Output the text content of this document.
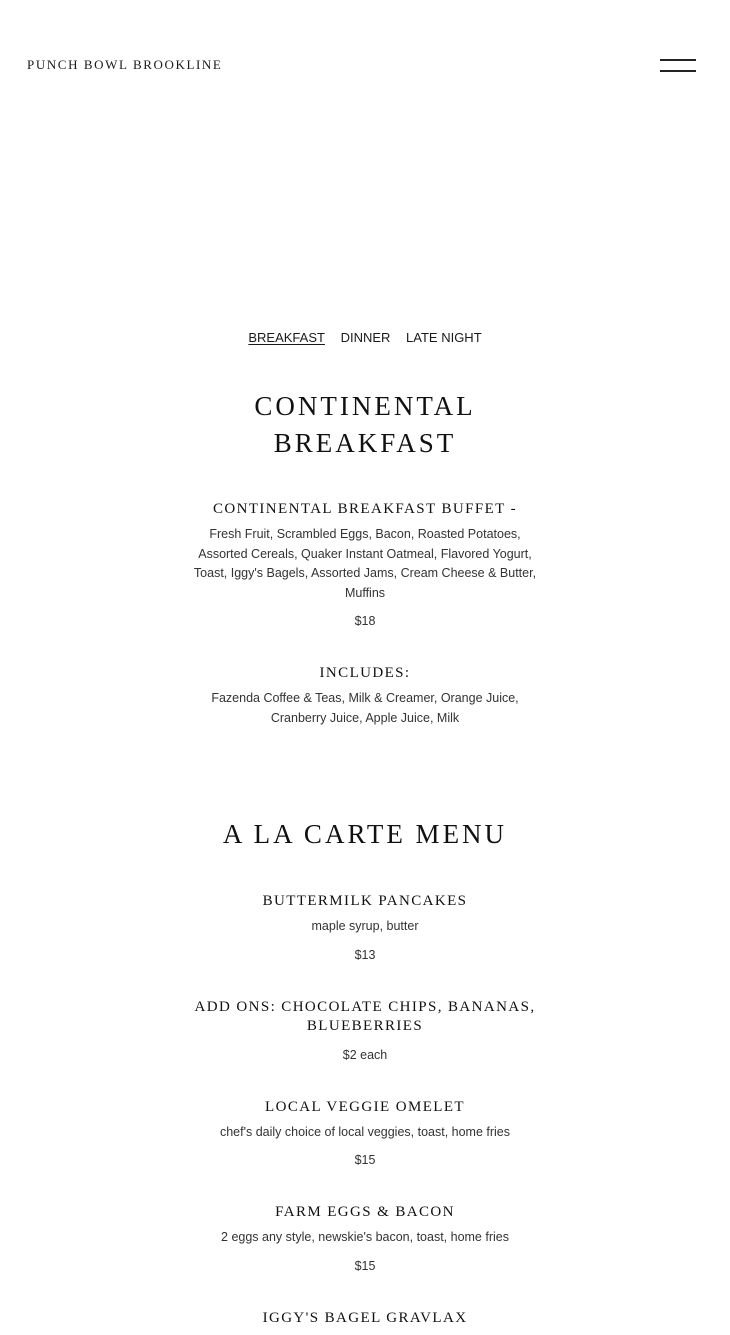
PUNCH BOWL BROOKLINE
BREAKFAST DINNER LATE NIGHT
CONTINENTAL
BREAKFAST
CONTINENTAL BREAKFAST BUFFET -
Fresh Fruit, Scrambled Eggs, Bacon, Roasted Potatoes,
Assorted Cereals, Quaker Instant Oatmeal, Flavored Yogurt,
Toast, Iggy's Bagels, Assorted Jams, Cream Cheese & Butter,
Muffins
$18
INCLUDES:
Fazenda Coffee & Teas, Milk & Creamer, Orange Juice,
Cranberry Juice, Apple Juice, Milk
A LA CARTE MENU
BUTTERMILK PANCAKES
maple syrup, butter
$13
ADD ONS: CHOCOLATE CHIPS, BANANAS,
BLUEBERRIES
$2 each
LOCAL VEGGIE OMELET
chef's daily choice of local veggies, toast, home fries
$15
FARM EGGS & BACON
2 eggs any style, newskie's bacon, toast, home fries
$15
IGGY'S BAGEL GRAVLAX
